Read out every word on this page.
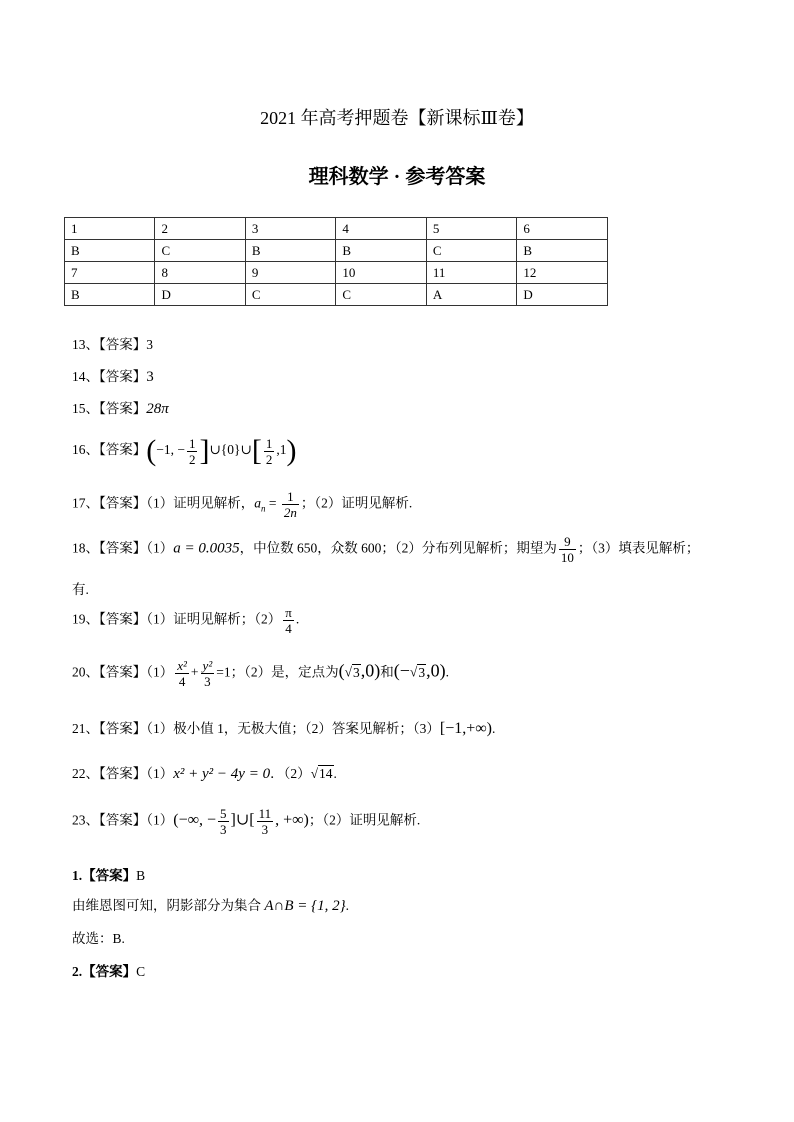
2021 年高考押题卷【新课标Ⅲ卷】
理科数学 · 参考答案
1	2	3	4	5	6
B	C	B	B	C	B
7	8	9	10	11	12
B	D	C	C	A	D
13、【答案】3
14、【答案】3
15、【答案】28π
16、【答案】(−1, − $\frac{1}{2}$ ]∪{0}∪[ $\frac{1}{2} ,1$)
17、【答案】（1）证明见解析，$a_n = \frac{1}{2n}$ ；（2）证明见解析.
18、【答案】（1）a = 0.0035，中位数 650，众数 600；（2）分布列见解析；期望为 $\frac{9}{10}$ ；（3）填表见解析；
有.
19、【答案】（1）证明见解析；$(2) \frac{\pi}{4}$ .
20、【答案】$(1) \frac{\text{x²}}{4} + \frac{\text{y²}}{3} =1$；（2）是，定点为(√3,0)和(−√3,0).
21、【答案】（1）极小值 1，无极大值；（2）答案见解析；（3）[−1,+∞).
22、【答案】（1）x² + y² − 4y = 0．（2）√14.
23、【答案】（1）(−∞, − $\frac{5}{3}$ ]∪[ $\frac{11}{3}$ , +∞)；（2）证明见解析.
1.【答案】B
由维恩图可知，阴影部分为集合 A∩B = {1, 2}.
故选：B.
2.【答案】C
